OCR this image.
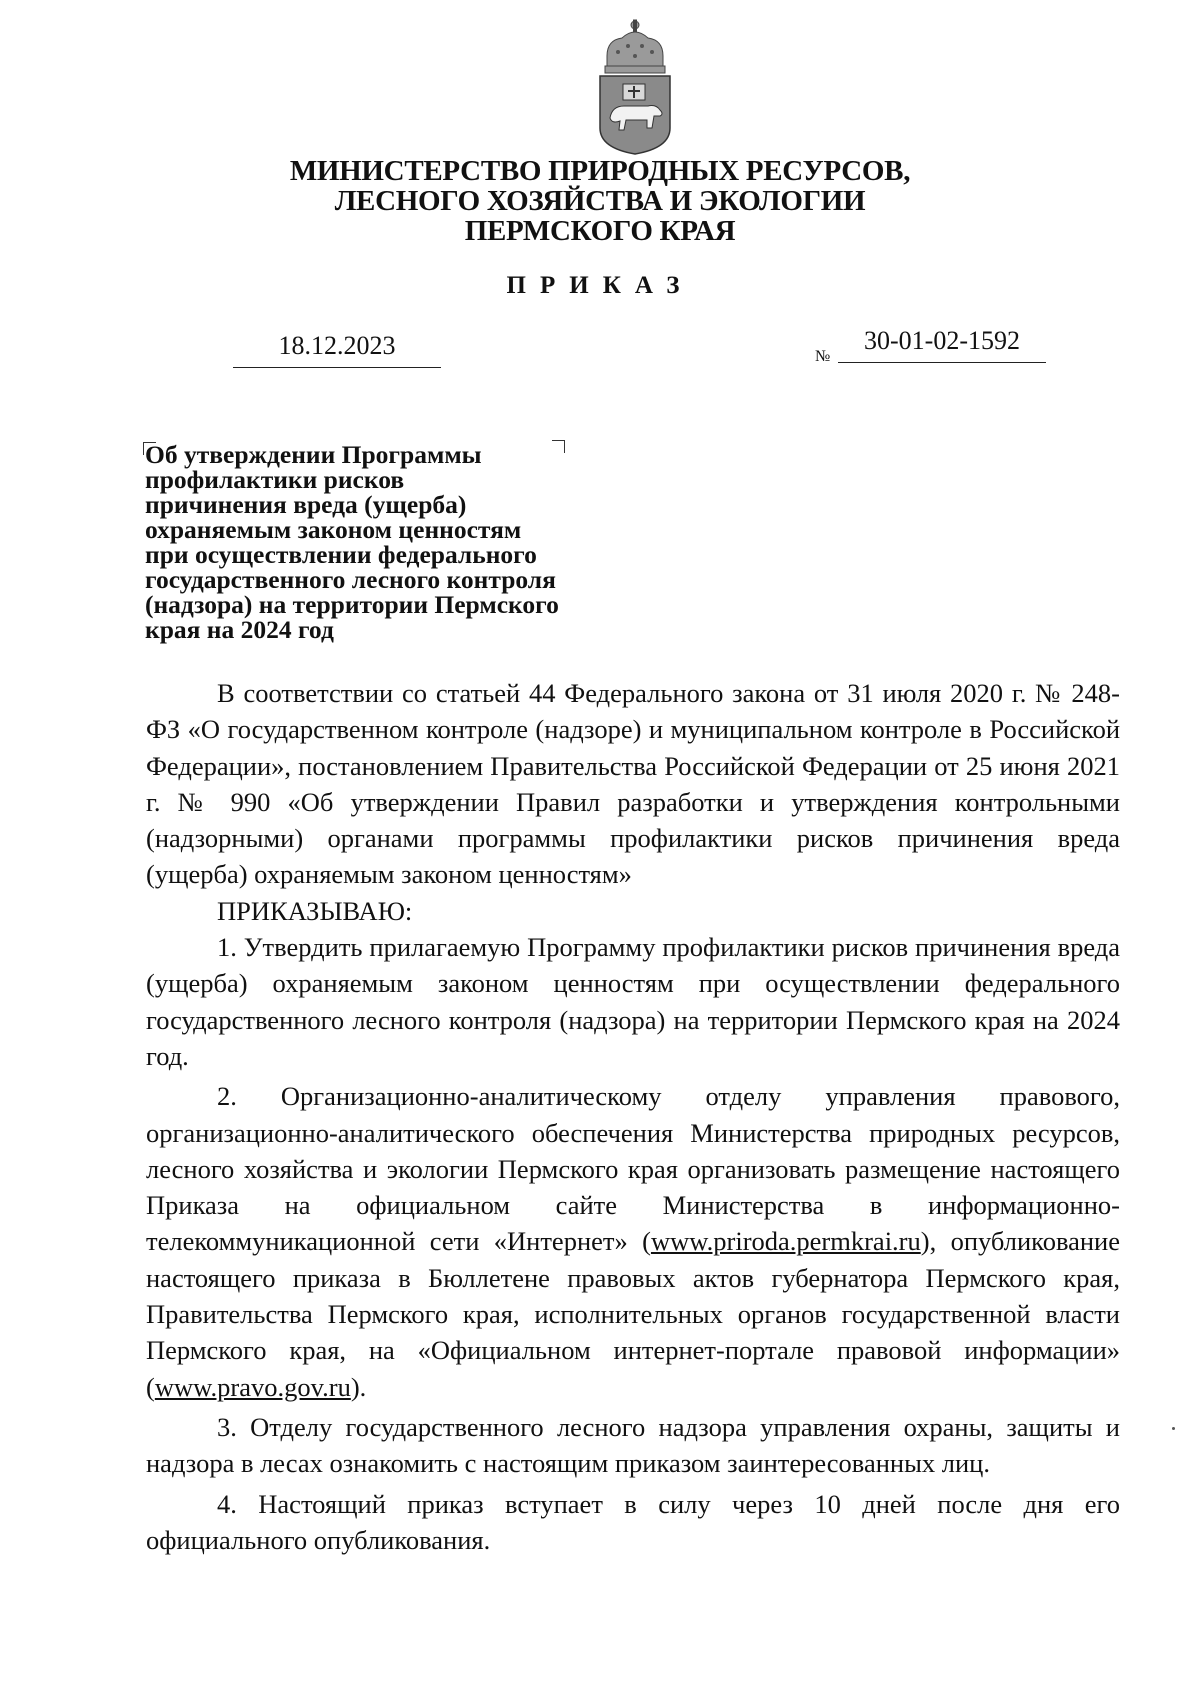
МИНИСТЕРСТВО ПРИРОДНЫХ РЕСУРСОВ,
ЛЕСНОГО ХОЗЯЙСТВА И ЭКОЛОГИИ
ПЕРМСКОГО КРАЯ
ПРИКАЗ
18.12.2023	№
30-01-02-1592
Об утверждении Программы
профилактики рисков
причинения вреда (ущерба)
охраняемым законом ценностям
при осуществлении федерального
государственного лесного контроля
(надзора) на территории Пермского
края на 2024 год

В соответствии со статьей 44 Федерального закона от 31 июля 2020 г. № 248-ФЗ «О государственном контроле (надзоре) и муниципальном контроле в Российской Федерации», постановлением Правительства Российской Федерации от 25 июня 2021 г. № 990 «Об утверждении Правил разработки и утверждения контрольными (надзорными) органами программы профилактики рисков причинения вреда (ущерба) охраняемым законом ценностям»

ПРИКАЗЫВАЮ:

1. Утвердить прилагаемую Программу профилактики рисков причинения вреда (ущерба) охраняемым законом ценностям при осуществлении федерального государственного лесного контроля (надзора) на территории Пермского края на 2024 год.

2. Организационно-аналитическому отделу управления правового, организационно-аналитического обеспечения Министерства природных ресурсов, лесного хозяйства и экологии Пермского края организовать размещение настоящего Приказа на официальном сайте Министерства в информационно-телекоммуникационной сети «Интернет» (www.priroda.permkrai.ru), опубликование настоящего приказа в Бюллетене правовых актов губернатора Пермского края, Правительства Пермского края, исполнительных органов государственной власти Пермского края, на «Официальном интернет-портале правовой информации» (www.pravo.gov.ru).

3. Отделу государственного лесного надзора управления охраны, защиты и надзора в лесах ознакомить с настоящим приказом заинтересованных лиц.

4. Настоящий приказ вступает в силу через 10 дней после дня его официального опубликования.
